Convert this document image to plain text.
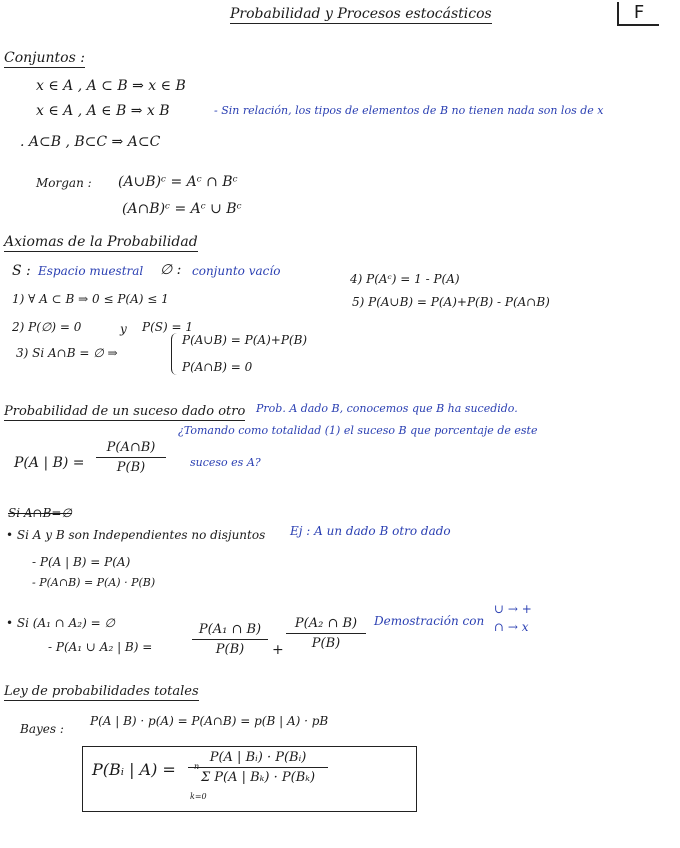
Probabilidad y Procesos estocásticos	F
Conjuntos :
x ∈ A , A ⊂ B ⇒ x ∈ B
x ∈ A , A ∈ B ⇒ x B	- Sin relación, los tipos de elementos de B no tienen nada son los de x
. A⊂B , B⊂C ⇒ A⊂C
Morgan : (A∪B)ᶜ = Aᶜ ∩ Bᶜ
(A∩B)ᶜ = Aᶜ ∪ Bᶜ
Axiomas de la Probabilidad
S : Espacio muestral ∅ : conjunto vacío
1) ∀ A ⊂ B ⇒ 0 ≤ P(A) ≤ 1
2) P(∅) = 0	y P(S) = 1
3) Si A∩B = ∅ ⇒
P(A∪B) = P(A)+P(B)
P(A∩B) = 0
4) P(Aᶜ) = 1 - P(A)
5) P(A∪B) = P(A)+P(B) - P(A∩B)
Probabilidad de un suceso dado otro Prob. A dado B, conocemos que B ha sucedido.
P(A | B) =
P(A∩B)
P(B)
¿Tomando como totalidad (1) el suceso B que porcentaje de este
suceso es A?
Si A∩B=∅
• Si A y B son Independientes no disjuntos Ej : A un dado B otro dado
- P(A | B) = P(A)
- P(A∩B) = P(A) · P(B)
• Si (A₁ ∩ A₂) = ∅
- P(A₁ ∪ A₂ | B) =
P(A₁ ∩ B)
P(B)	+
P(A₂ ∩ B)
P(B)
Demostración con
∪ → +
∩ → x
Ley de probabilidades totales
Bayes :
P(A | B) · p(A) = P(A∩B) = p(B | A) · pB
P(Bᵢ | A) =
P(A | Bᵢ) · P(Bᵢ)
Σ P(A | Bₖ) · P(Bₖ)
n
k=0
